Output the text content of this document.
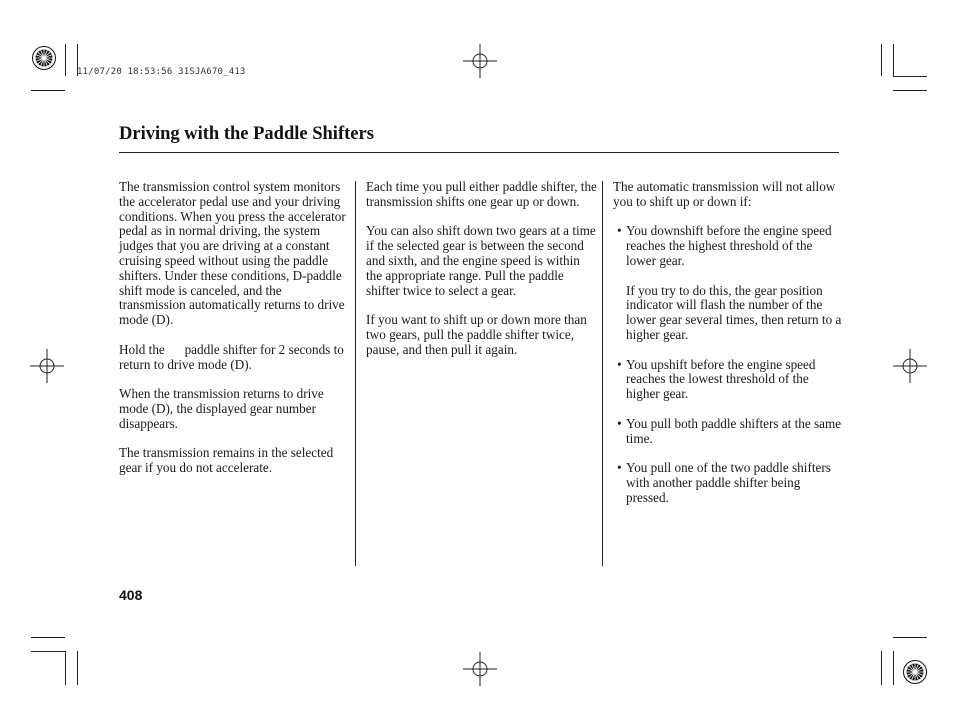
11/07/20 18:53:56 31SJA670_413
Driving with the Paddle Shifters

The transmission control system monitors the accelerator pedal use and your driving conditions. When you press the accelerator pedal as in normal driving, the system judges that you are driving at a constant cruising speed without using the paddle shifters. Under these conditions, D-paddle shift mode is canceled, and the transmission automatically returns to drive mode (D).

Hold the      paddle shifter for 2 seconds to return to drive mode (D).

When the transmission returns to drive mode (D), the displayed gear number disappears.

The transmission remains in the selected gear if you do not accelerate.

Each time you pull either paddle shifter, the transmission shifts one gear up or down.

You can also shift down two gears at a time if the selected gear is between the second and sixth, and the engine speed is within the appropriate range. Pull the paddle shifter twice to select a gear.

If you want to shift up or down more than two gears, pull the paddle shifter twice, pause, and then pull it again.

The automatic transmission will not allow you to shift up or down if:

• You downshift before the engine speed reaches the highest threshold of the lower gear.

If you try to do this, the gear position indicator will flash the number of the lower gear several times, then return to a higher gear.

• You upshift before the engine speed reaches the lowest threshold of the higher gear.

• You pull both paddle shifters at the same time.

• You pull one of the two paddle shifters with another paddle shifter being pressed.

408
